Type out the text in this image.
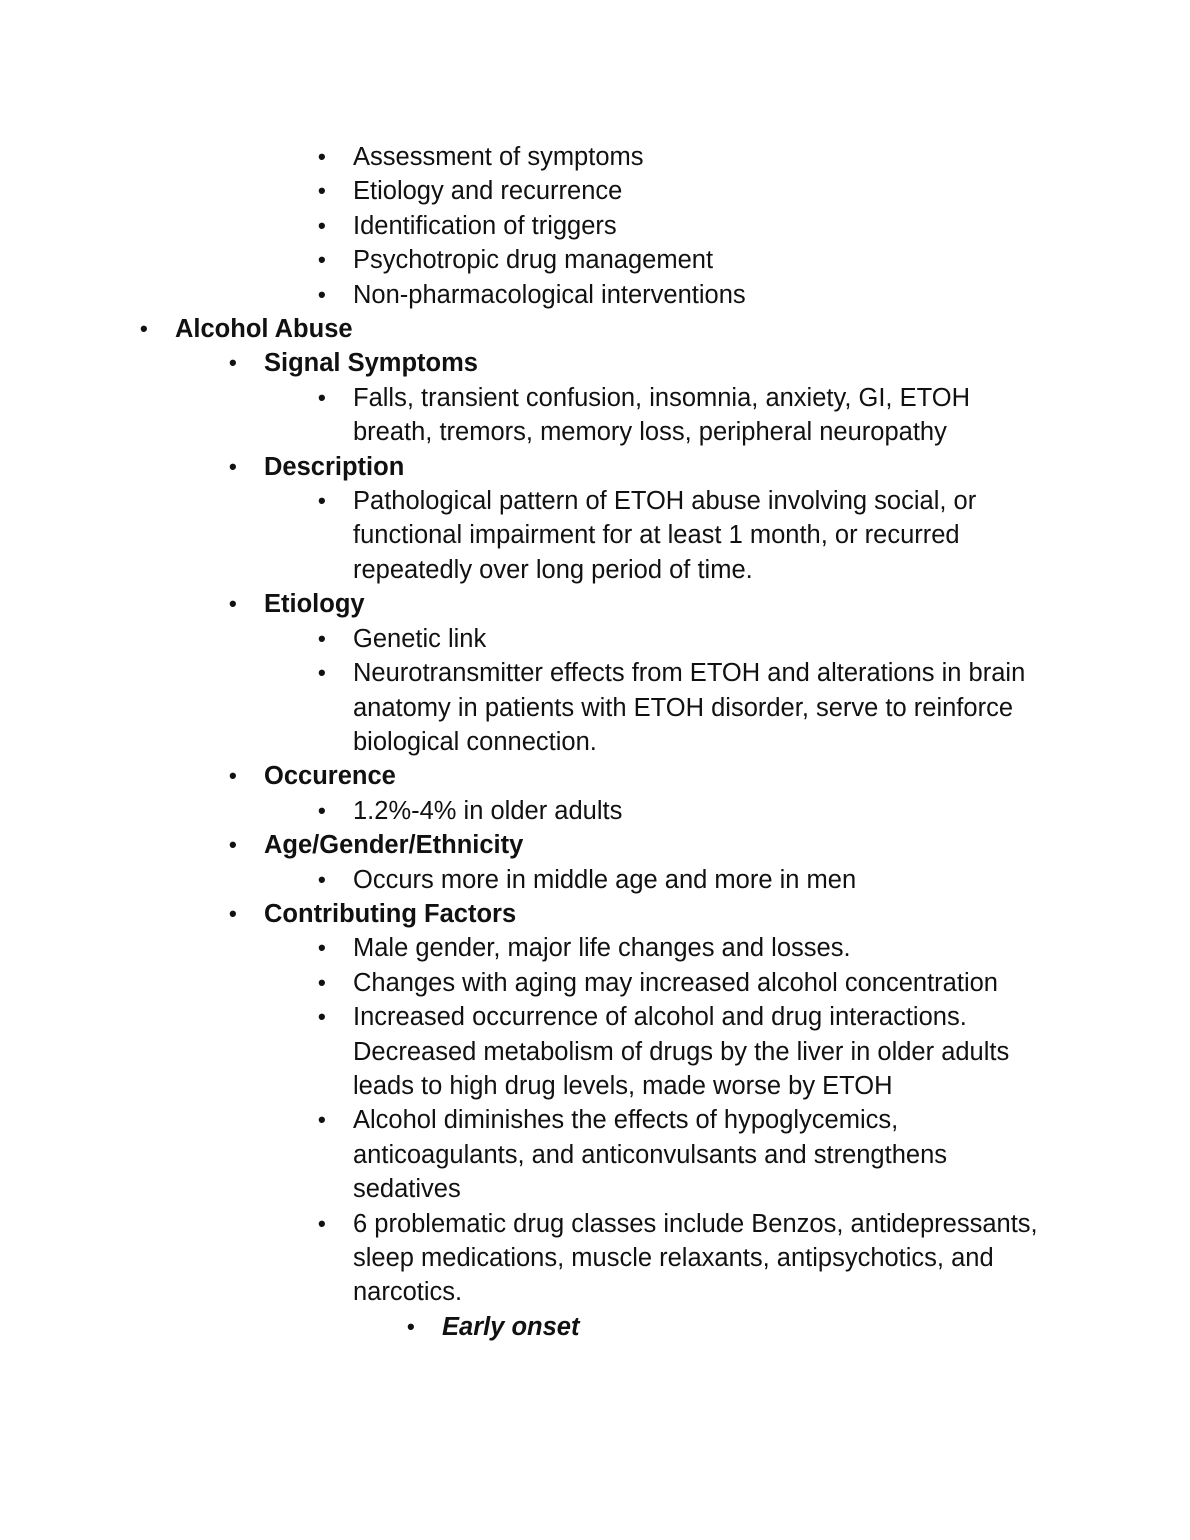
• Assessment of symptoms
• Etiology and recurrence
• Identification of triggers
• Psychotropic drug management
• Non-pharmacological interventions
• Alcohol Abuse
• Signal Symptoms
• Falls, transient confusion, insomnia, anxiety, GI, ETOH breath, tremors, memory loss, peripheral neuropathy
• Description
• Pathological pattern of ETOH abuse involving social, or functional impairment for at least 1 month, or recurred repeatedly over long period of time.
• Etiology
• Genetic link
• Neurotransmitter effects from ETOH and alterations in brain anatomy in patients with ETOH disorder, serve to reinforce biological connection.
• Occurence
• 1.2%-4% in older adults
• Age/Gender/Ethnicity
• Occurs more in middle age and more in men
• Contributing Factors
• Male gender, major life changes and losses.
• Changes with aging may increased alcohol concentration
• Increased occurrence of alcohol and drug interactions. Decreased metabolism of drugs by the liver in older adults leads to high drug levels, made worse by ETOH
• Alcohol diminishes the effects of hypoglycemics, anticoagulants, and anticonvulsants and strengthens sedatives
• 6 problematic drug classes include Benzos, antidepressants, sleep medications, muscle relaxants, antipsychotics, and narcotics.
• Early onset
